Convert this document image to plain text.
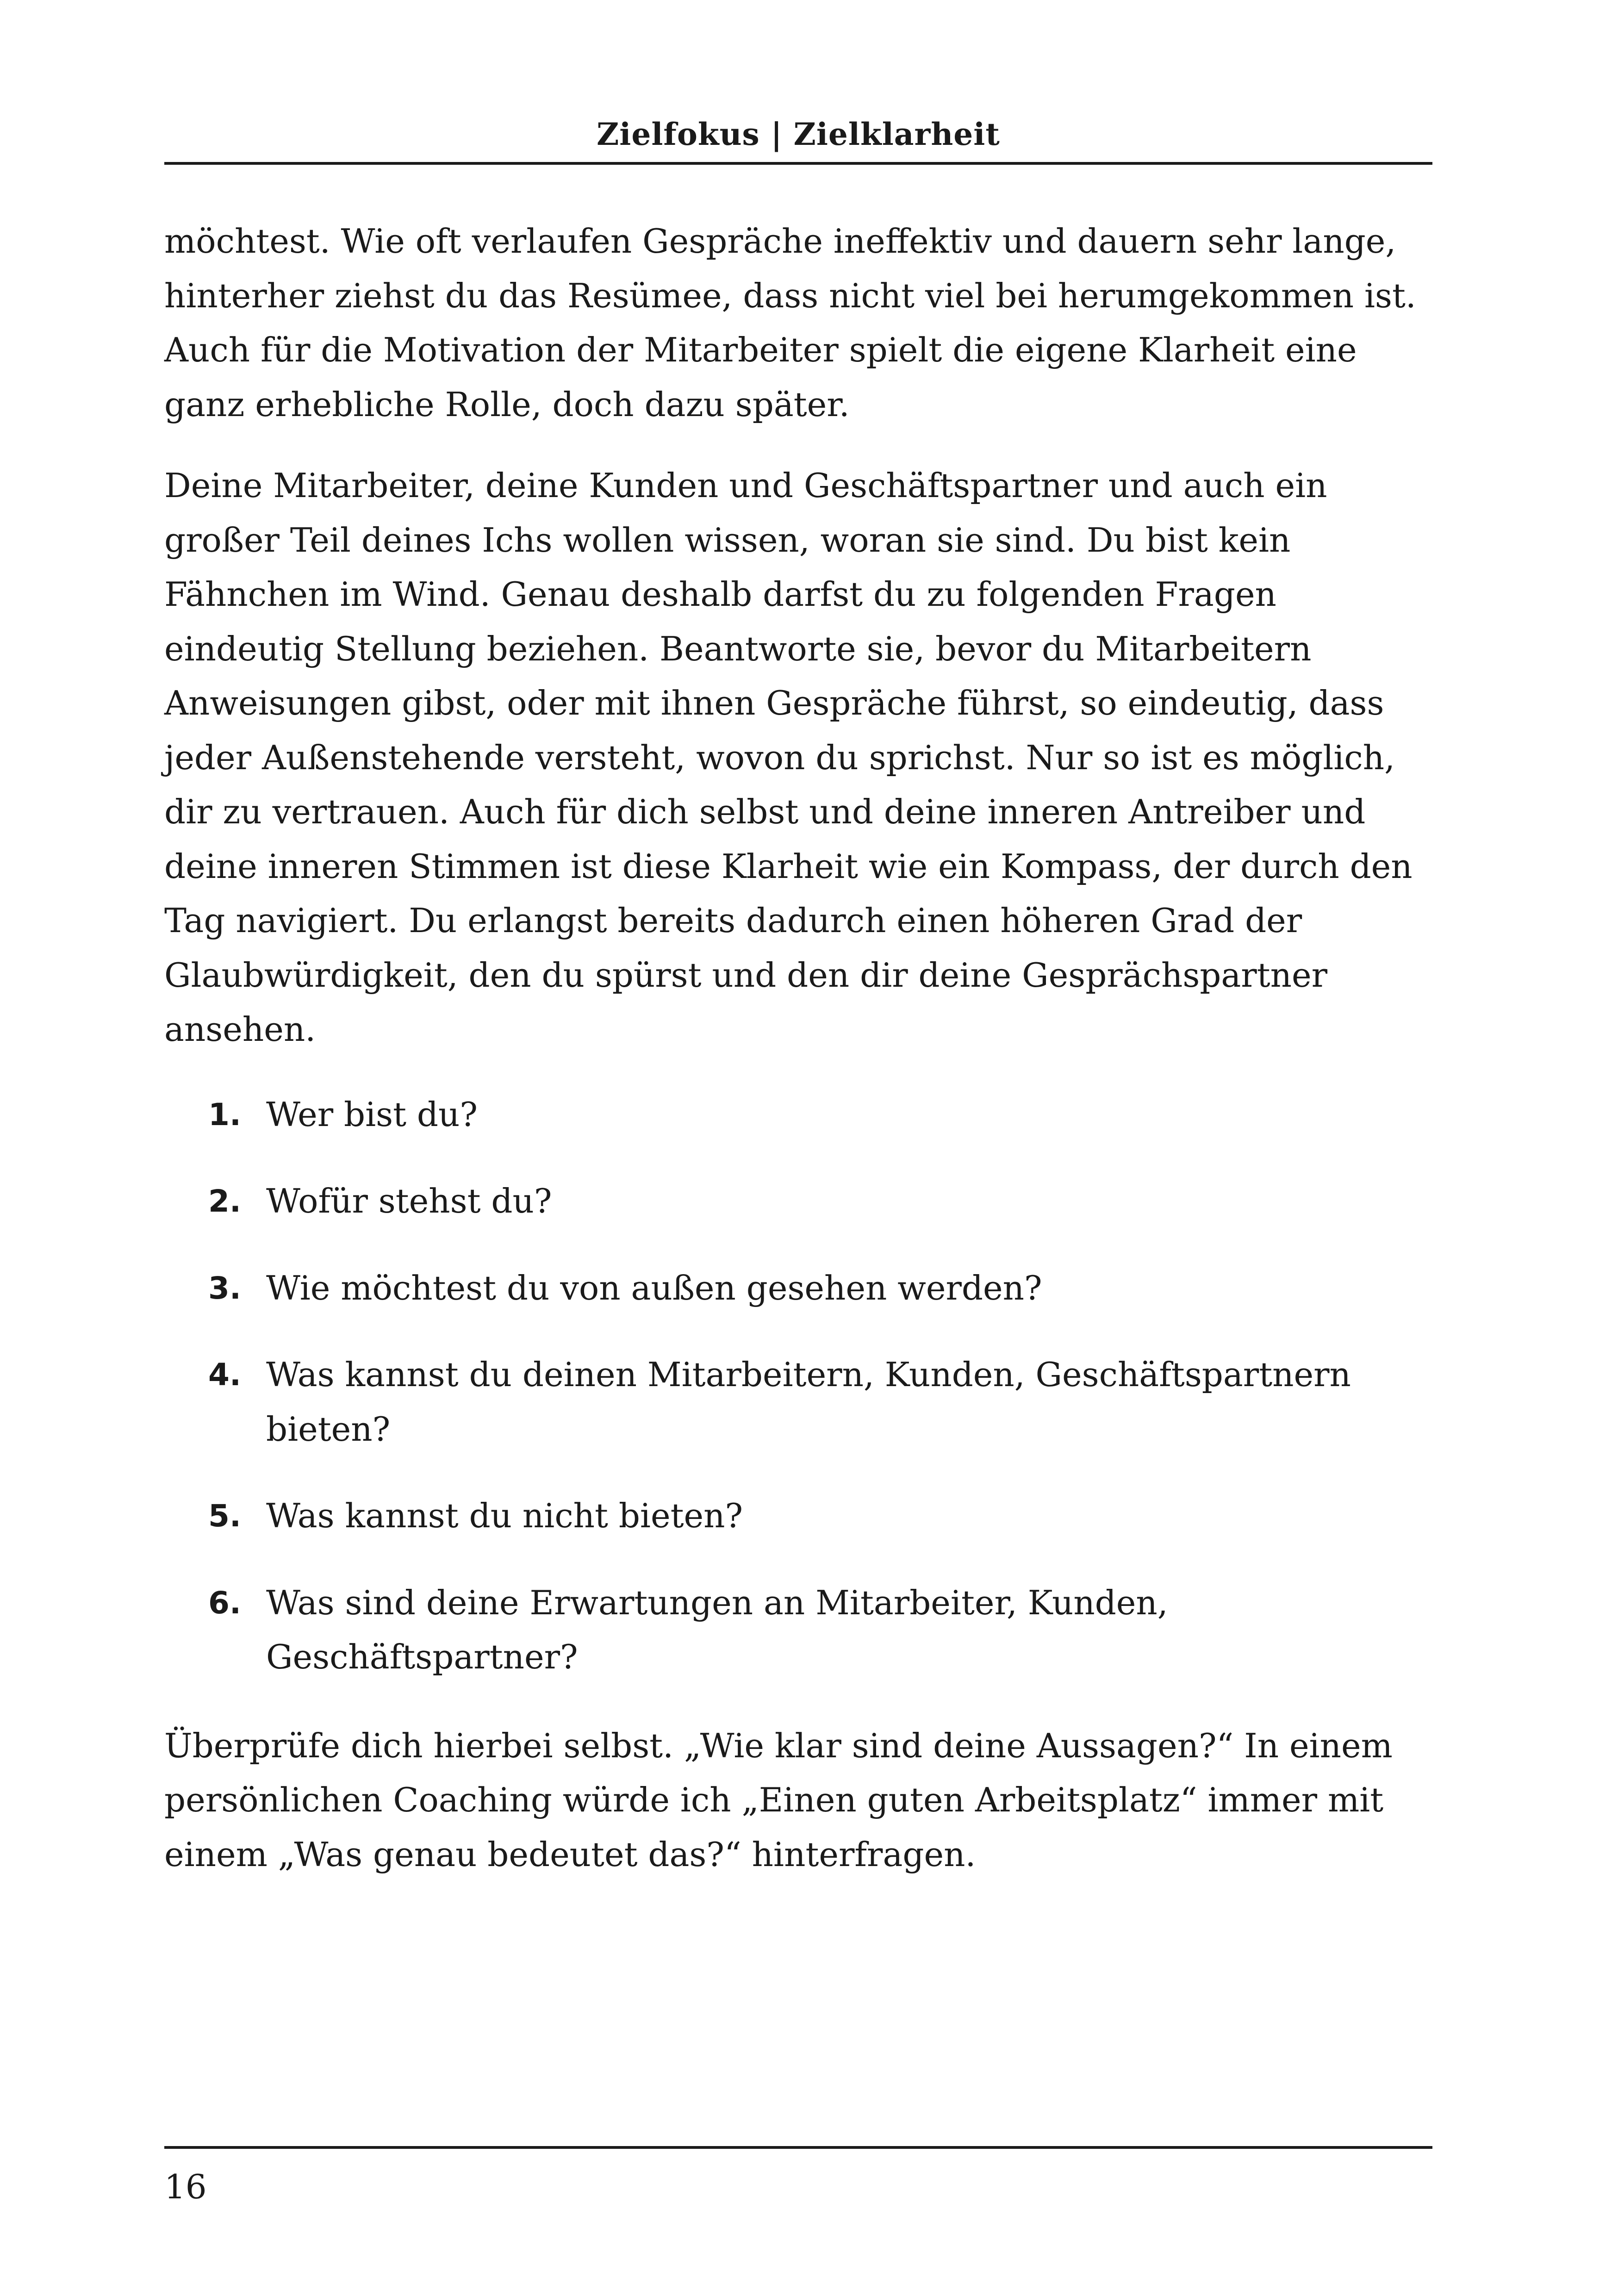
Zielfokus | Zielklarheit

möchtest. Wie oft verlaufen Gespräche ineffektiv und dauern sehr lange, hinterher ziehst du das Resümee, dass nicht viel bei herumgekommen ist. Auch für die Motivation der Mitarbeiter spielt die eigene Klarheit eine ganz erhebliche Rolle, doch dazu später.

Deine Mitarbeiter, deine Kunden und Geschäftspartner und auch ein großer Teil deines Ichs wollen wissen, woran sie sind. Du bist kein Fähnchen im Wind. Genau deshalb darfst du zu folgenden Fragen eindeutig Stellung beziehen. Beantworte sie, bevor du Mitarbeitern Anweisungen gibst, oder mit ihnen Gespräche führst, so eindeutig, dass jeder Außenstehende versteht, wovon du sprichst. Nur so ist es möglich, dir zu vertrauen. Auch für dich selbst und deine inneren Antreiber und deine inneren Stimmen ist diese Klarheit wie ein Kompass, der durch den Tag navigiert. Du erlangst bereits dadurch einen höheren Grad der Glaubwürdigkeit, den du spürst und den dir deine Gesprächspartner ansehen.

1. Wer bist du?
2. Wofür stehst du?
3. Wie möchtest du von außen gesehen werden?
4. Was kannst du deinen Mitarbeitern, Kunden, Geschäftspartnern bieten?
5. Was kannst du nicht bieten?
6. Was sind deine Erwartungen an Mitarbeiter, Kunden, Geschäftspartner?

Überprüfe dich hierbei selbst. „Wie klar sind deine Aussagen?“ In einem persönlichen Coaching würde ich „Einen guten Arbeitsplatz“ immer mit einem „Was genau bedeutet das?“ hinterfragen.

16
